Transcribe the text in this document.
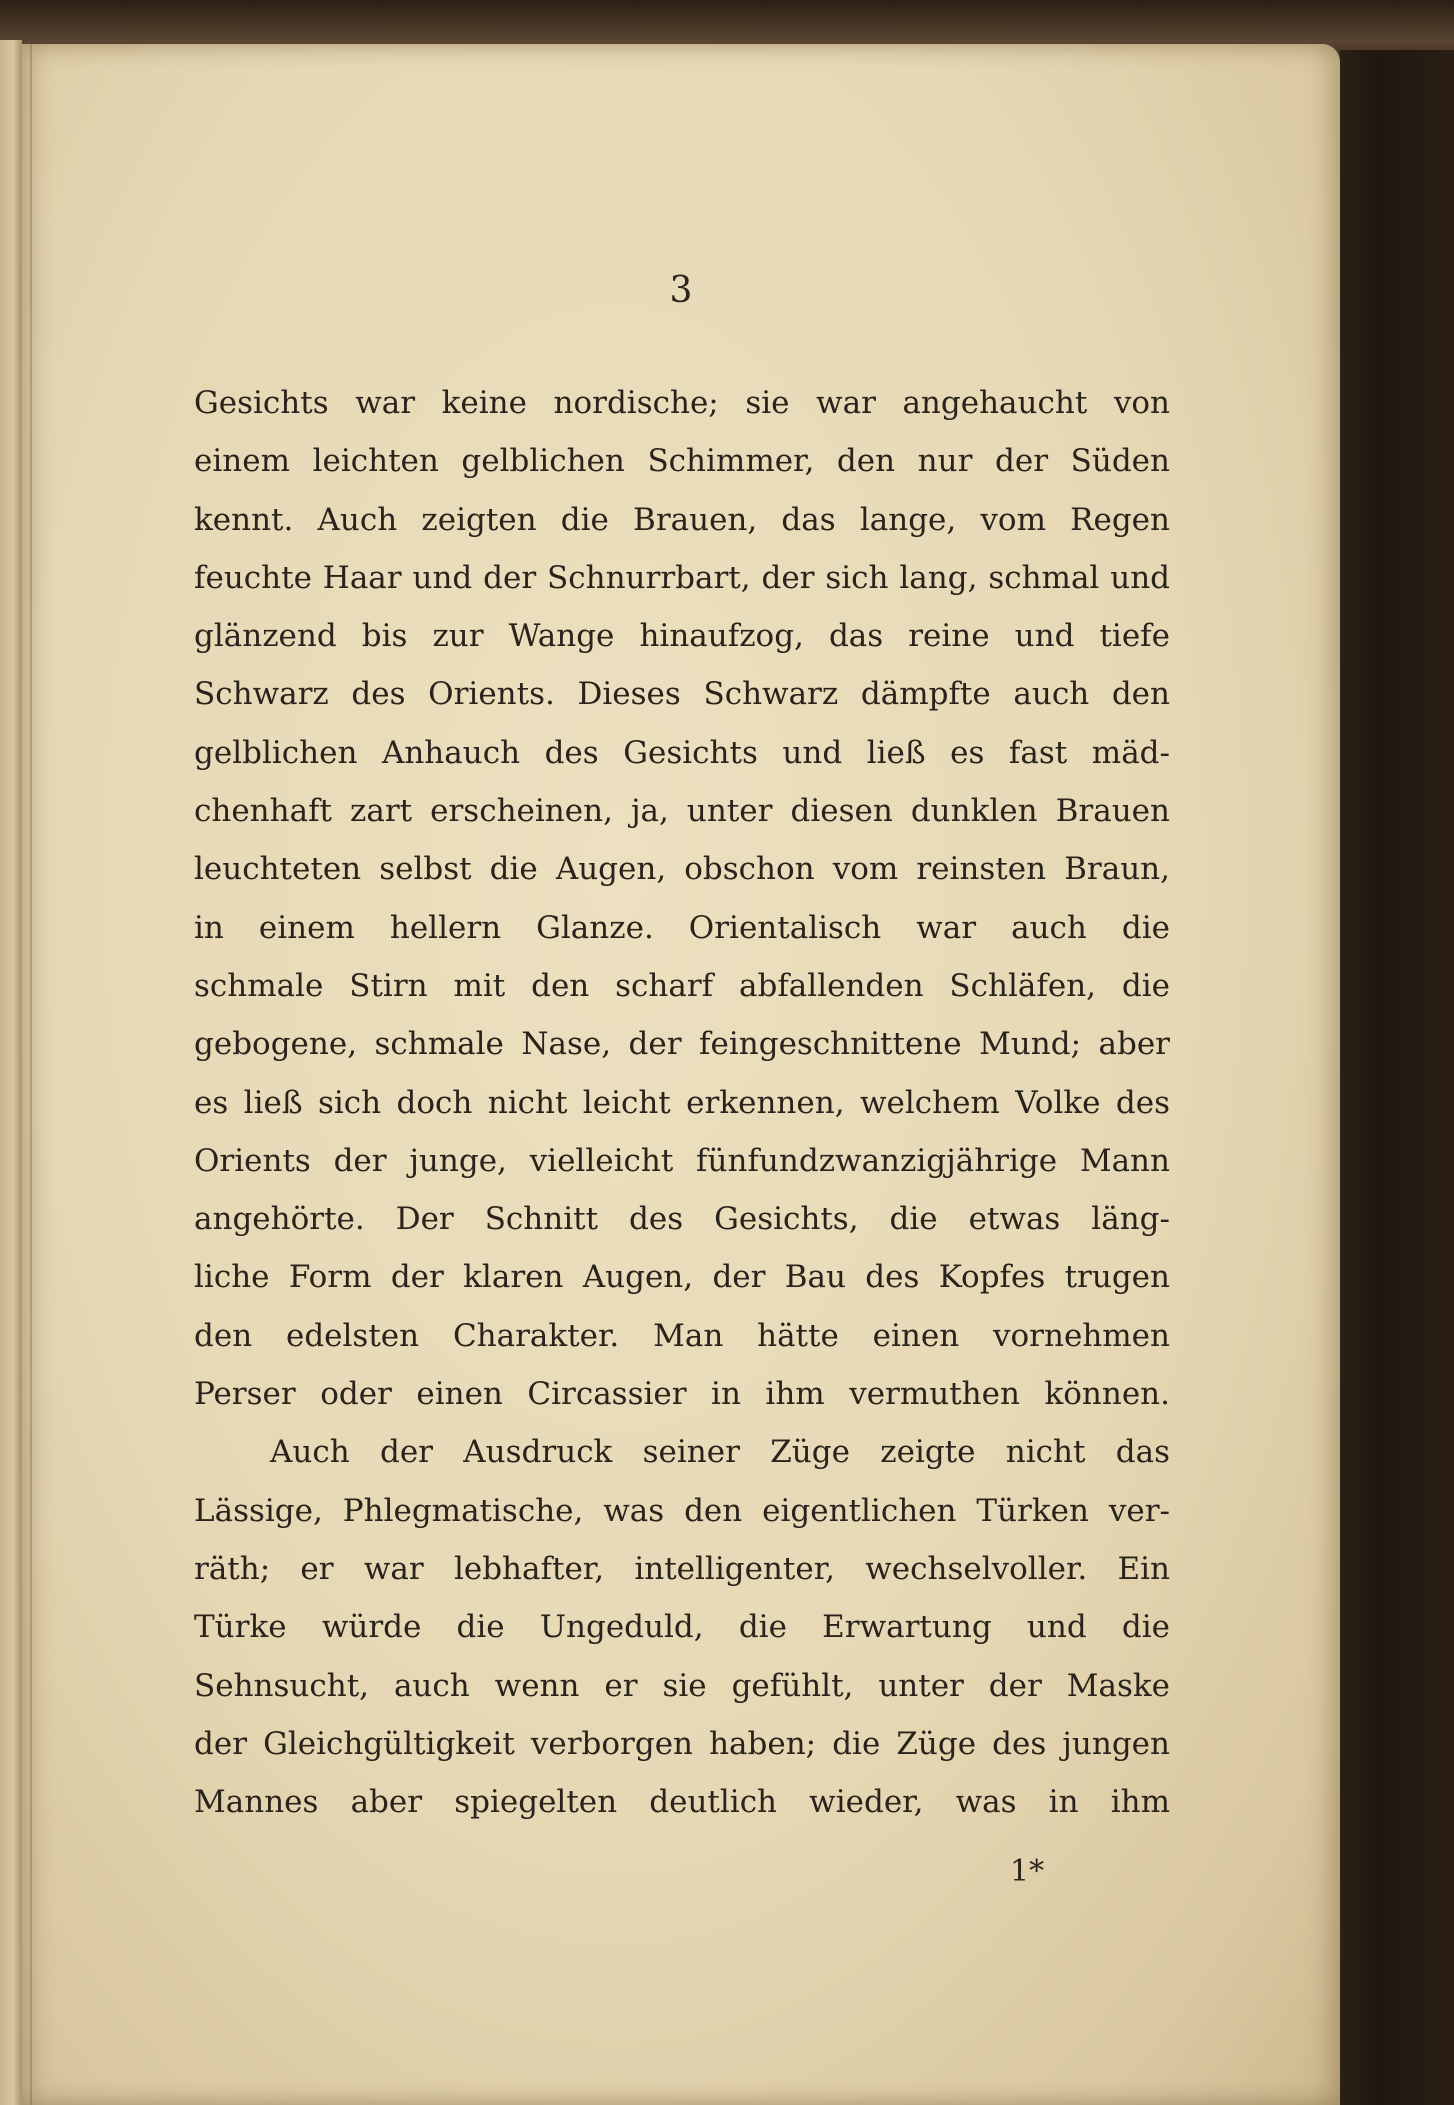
3
Gesichts war keine nordische; sie war angehaucht von
einem leichten gelblichen Schimmer, den nur der Süden
kennt. Auch zeigten die Brauen, das lange, vom Regen
feuchte Haar und der Schnurrbart, der sich lang, schmal und
glänzend bis zur Wange hinaufzog, das reine und tiefe
Schwarz des Orients. Dieses Schwarz dämpfte auch den
gelblichen Anhauch des Gesichts und ließ es fast mäd-
chenhaft zart erscheinen, ja, unter diesen dunklen Brauen
leuchteten selbst die Augen, obschon vom reinsten Braun,
in einem hellern Glanze. Orientalisch war auch die
schmale Stirn mit den scharf abfallenden Schläfen, die
gebogene, schmale Nase, der feingeschnittene Mund; aber
es ließ sich doch nicht leicht erkennen, welchem Volke des
Orients der junge, vielleicht fünfundzwanzigjährige Mann
angehörte. Der Schnitt des Gesichts, die etwas läng-
liche Form der klaren Augen, der Bau des Kopfes trugen
den edelsten Charakter. Man hätte einen vornehmen
Perser oder einen Circassier in ihm vermuthen können.
Auch der Ausdruck seiner Züge zeigte nicht das
Lässige, Phlegmatische, was den eigentlichen Türken ver-
räth; er war lebhafter, intelligenter, wechselvoller. Ein
Türke würde die Ungeduld, die Erwartung und die
Sehnsucht, auch wenn er sie gefühlt, unter der Maske
der Gleichgültigkeit verborgen haben; die Züge des jungen
Mannes aber spiegelten deutlich wieder, was in ihm
1*
